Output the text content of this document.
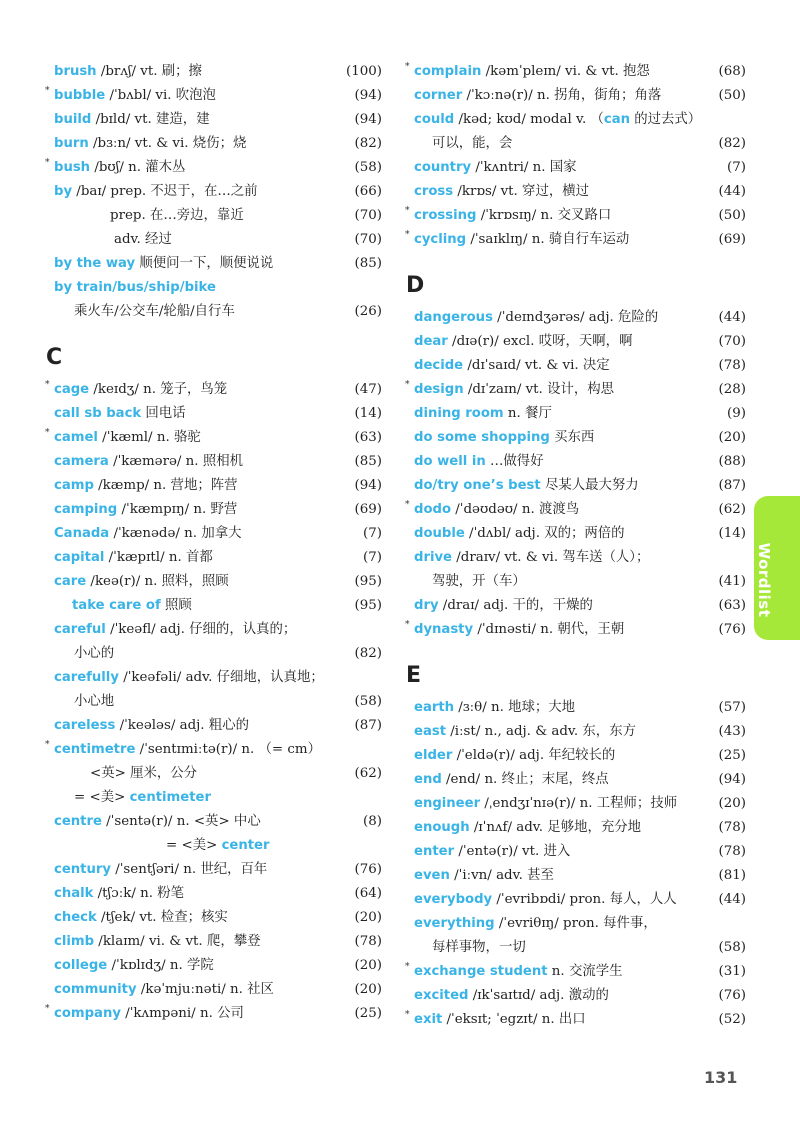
brush /brʌʃ/ vt. 刷；擦	(100)
* bubble /ˈbʌbl/ vi. 吹泡泡	(94)
build /bɪld/ vt. 建造，建	(94)
burn /bɜːn/ vt. & vi. 烧伤；烧	(82)
* bush /bʊʃ/ n. 灌木丛	(58)
by /baɪ/ prep. 不迟于，在…之前	(66)
prep. 在…旁边，靠近	(70)
adv. 经过	(70)
by the way 顺便问一下，顺便说说	(85)
by train/bus/ship/bike
乘火车/公交车/轮船/自行车	(26)
C
* cage /keɪdʒ/ n. 笼子，鸟笼	(47)
call sb back 回电话	(14)
* camel /ˈkæml/ n. 骆驼	(63)
camera /ˈkæmərə/ n. 照相机	(85)
camp /kæmp/ n. 营地；阵营	(94)
camping /ˈkæmpɪŋ/ n. 野营	(69)
Canada /ˈkænədə/ n. 加拿大	(7)
capital /ˈkæpɪtl/ n. 首都	(7)
care /keə(r)/ n. 照料，照顾	(95)
take care of 照顾	(95)
careful /ˈkeəfl/ adj. 仔细的，认真的；
小心的	(82)
carefully /ˈkeəfəli/ adv. 仔细地，认真地；
小心地	(58)
careless /ˈkeələs/ adj. 粗心的	(87)
* centimetre /ˈsentɪmiːtə(r)/ n. （= cm）
<英> 厘米，公分	(62)
= <美> centimeter
centre /ˈsentə(r)/ n. <英> 中心	(8)
= <美> center
century /ˈsentʃəri/ n. 世纪，百年	(76)
chalk /tʃɔːk/ n. 粉笔	(64)
check /tʃek/ vt. 检查；核实	(20)
climb /klaɪm/ vi. & vt. 爬，攀登	(78)
college /ˈkɒlɪdʒ/ n. 学院	(20)
community /kəˈmjuːnəti/ n. 社区	(20)
* company /ˈkʌmpəni/ n. 公司	(25)
* complain /kəmˈpleɪn/ vi. & vt. 抱怨	(68)
corner /ˈkɔːnə(r)/ n. 拐角，街角；角落	(50)
could /kəd; kʊd/ modal v. （can 的过去式）
可以，能，会	(82)
country /ˈkʌntri/ n. 国家	(7)
cross /krɒs/ vt. 穿过，横过	(44)
* crossing /ˈkrɒsɪŋ/ n. 交叉路口	(50)
* cycling /ˈsaɪklɪŋ/ n. 骑自行车运动	(69)
D
dangerous /ˈdeɪndʒərəs/ adj. 危险的	(44)
dear /dɪə(r)/ excl. 哎呀，天啊，啊	(70)
decide /dɪˈsaɪd/ vt. & vi. 决定	(78)
* design /dɪˈzaɪn/ vt. 设计，构思	(28)
dining room n. 餐厅	(9)
do some shopping 买东西	(20)
do well in …做得好	(88)
do/try one’s best 尽某人最大努力	(87)
* dodo /ˈdəʊdəʊ/ n. 渡渡鸟	(62)
double /ˈdʌbl/ adj. 双的；两倍的	(14)
drive /draɪv/ vt. & vi. 驾车送（人）；
驾驶，开（车）	(41)
dry /draɪ/ adj. 干的，干燥的	(63)
* dynasty /ˈdɪnəsti/ n. 朝代，王朝	(76)
E
earth /ɜːθ/ n. 地球；大地	(57)
east /iːst/ n., adj. & adv. 东，东方	(43)
elder /ˈeldə(r)/ adj. 年纪较长的	(25)
end /end/ n. 终止；末尾，终点	(94)
engineer /ˌendʒɪˈnɪə(r)/ n. 工程师；技师	(20)
enough /ɪˈnʌf/ adv. 足够地，充分地	(78)
enter /ˈentə(r)/ vt. 进入	(78)
even /ˈiːvn/ adv. 甚至	(81)
everybody /ˈevribɒdi/ pron. 每人，人人	(44)
everything /ˈevriθɪŋ/ pron. 每件事，
每样事物，一切	(58)
* exchange student n. 交流学生	(31)
excited /ɪkˈsaɪtɪd/ adj. 激动的	(76)
* exit /ˈeksɪt; ˈegzɪt/ n. 出口	(52)
Wordlist
131
